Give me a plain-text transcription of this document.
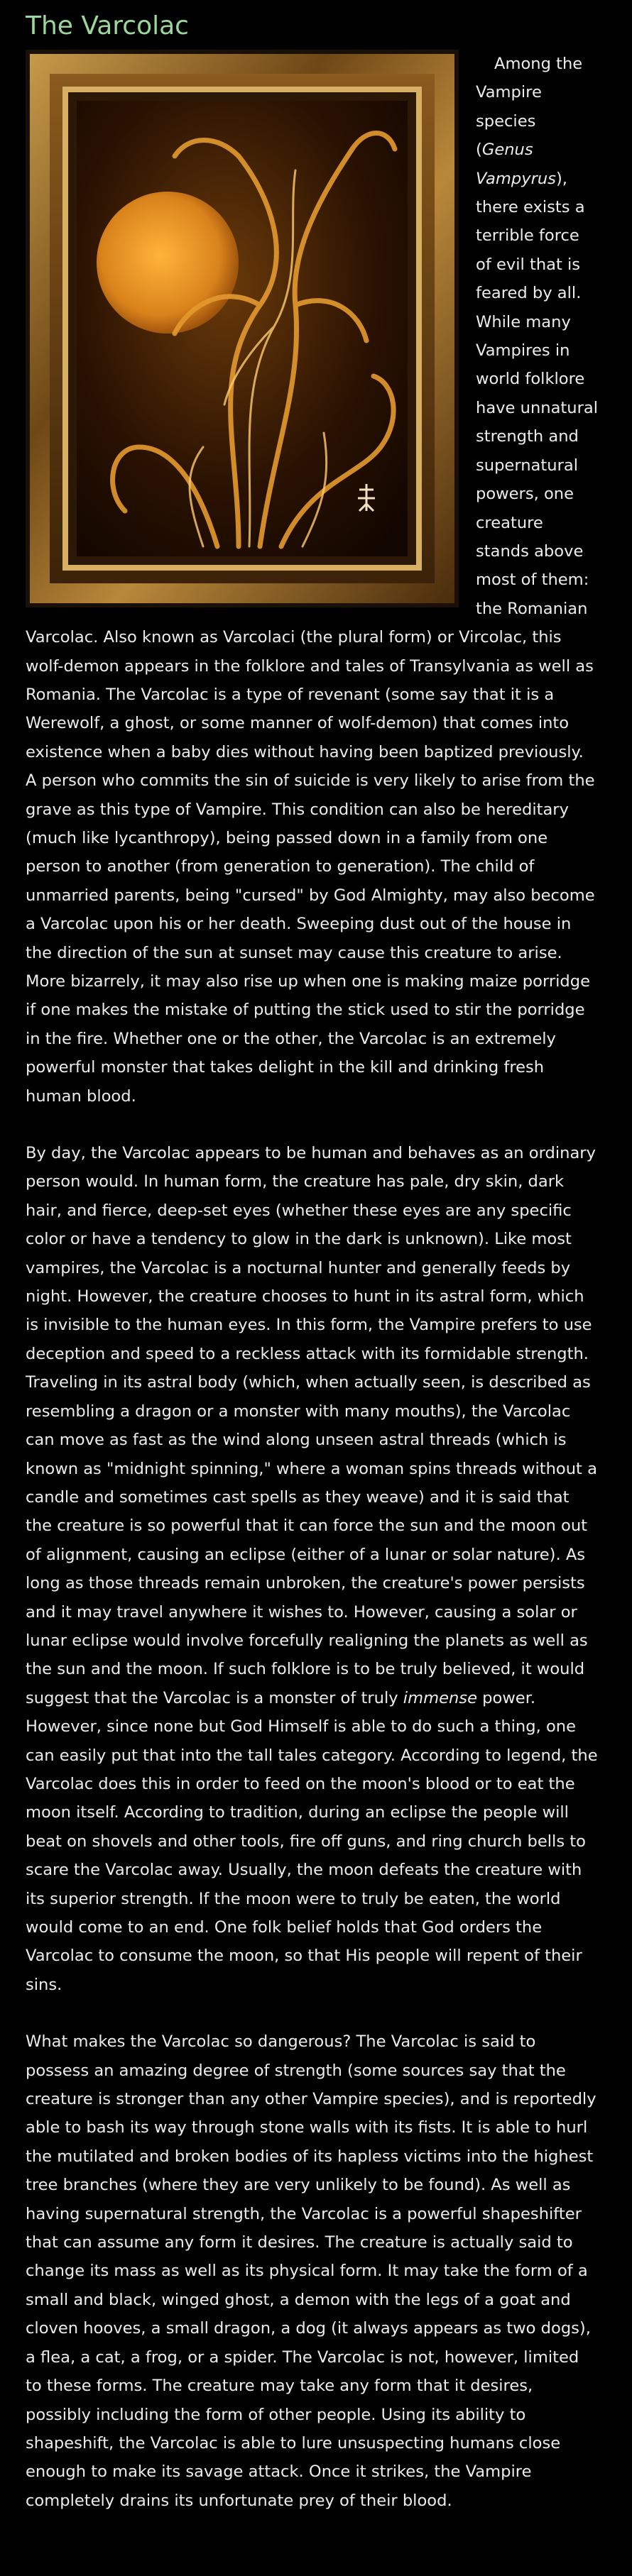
The Varcolac

Among the Vampire species (Genus Vampyrus), there exists a terrible force of evil that is feared by all. While many Vampires in world folklore have unnatural strength and supernatural powers, one creature stands above most of them: the Romanian Varcolac. Also known as Varcolaci (the plural form) or Vircolac, this wolf-demon appears in the folklore and tales of Transylvania as well as Romania. The Varcolac is a type of revenant (some say that it is a Werewolf, a ghost, or some manner of wolf-demon) that comes into existence when a baby dies without having been baptized previously. A person who commits the sin of suicide is very likely to arise from the grave as this type of Vampire. This condition can also be hereditary (much like lycanthropy), being passed down in a family from one person to another (from generation to generation). The child of unmarried parents, being "cursed" by God Almighty, may also become a Varcolac upon his or her death. Sweeping dust out of the house in the direction of the sun at sunset may cause this creature to arise. More bizarrely, it may also rise up when one is making maize porridge if one makes the mistake of putting the stick used to stir the porridge in the fire. Whether one or the other, the Varcolac is an extremely powerful monster that takes delight in the kill and drinking fresh human blood.

By day, the Varcolac appears to be human and behaves as an ordinary person would. In human form, the creature has pale, dry skin, dark hair, and fierce, deep-set eyes (whether these eyes are any specific color or have a tendency to glow in the dark is unknown). Like most vampires, the Varcolac is a nocturnal hunter and generally feeds by night. However, the creature chooses to hunt in its astral form, which is invisible to the human eyes. In this form, the Vampire prefers to use deception and speed to a reckless attack with its formidable strength. Traveling in its astral body (which, when actually seen, is described as resembling a dragon or a monster with many mouths), the Varcolac can move as fast as the wind along unseen astral threads (which is known as "midnight spinning," where a woman spins threads without a candle and sometimes cast spells as they weave) and it is said that the creature is so powerful that it can force the sun and the moon out of alignment, causing an eclipse (either of a lunar or solar nature). As long as those threads remain unbroken, the creature's power persists and it may travel anywhere it wishes to. However, causing a solar or lunar eclipse would involve forcefully realigning the planets as well as the sun and the moon. If such folklore is to be truly believed, it would suggest that the Varcolac is a monster of truly immense power. However, since none but God Himself is able to do such a thing, one can easily put that into the tall tales category. According to legend, the Varcolac does this in order to feed on the moon's blood or to eat the moon itself. According to tradition, during an eclipse the people will beat on shovels and other tools, fire off guns, and ring church bells to scare the Varcolac away. Usually, the moon defeats the creature with its superior strength. If the moon were to truly be eaten, the world would come to an end. One folk belief holds that God orders the Varcolac to consume the moon, so that His people will repent of their sins.

What makes the Varcolac so dangerous? The Varcolac is said to possess an amazing degree of strength (some sources say that the creature is stronger than any other Vampire species), and is reportedly able to bash its way through stone walls with its fists. It is able to hurl the mutilated and broken bodies of its hapless victims into the highest tree branches (where they are very unlikely to be found). As well as having supernatural strength, the Varcolac is a powerful shapeshifter that can assume any form it desires. The creature is actually said to change its mass as well as its physical form. It may take the form of a small and black, winged ghost, a demon with the legs of a goat and cloven hooves, a small dragon, a dog (it always appears as two dogs), a flea, a cat, a frog, or a spider. The Varcolac is not, however, limited to these forms. The creature may take any form that it desires, possibly including the form of other people. Using its ability to shapeshift, the Varcolac is able to lure unsuspecting humans close enough to make its savage attack. Once it strikes, the Vampire completely drains its unfortunate prey of their blood.
